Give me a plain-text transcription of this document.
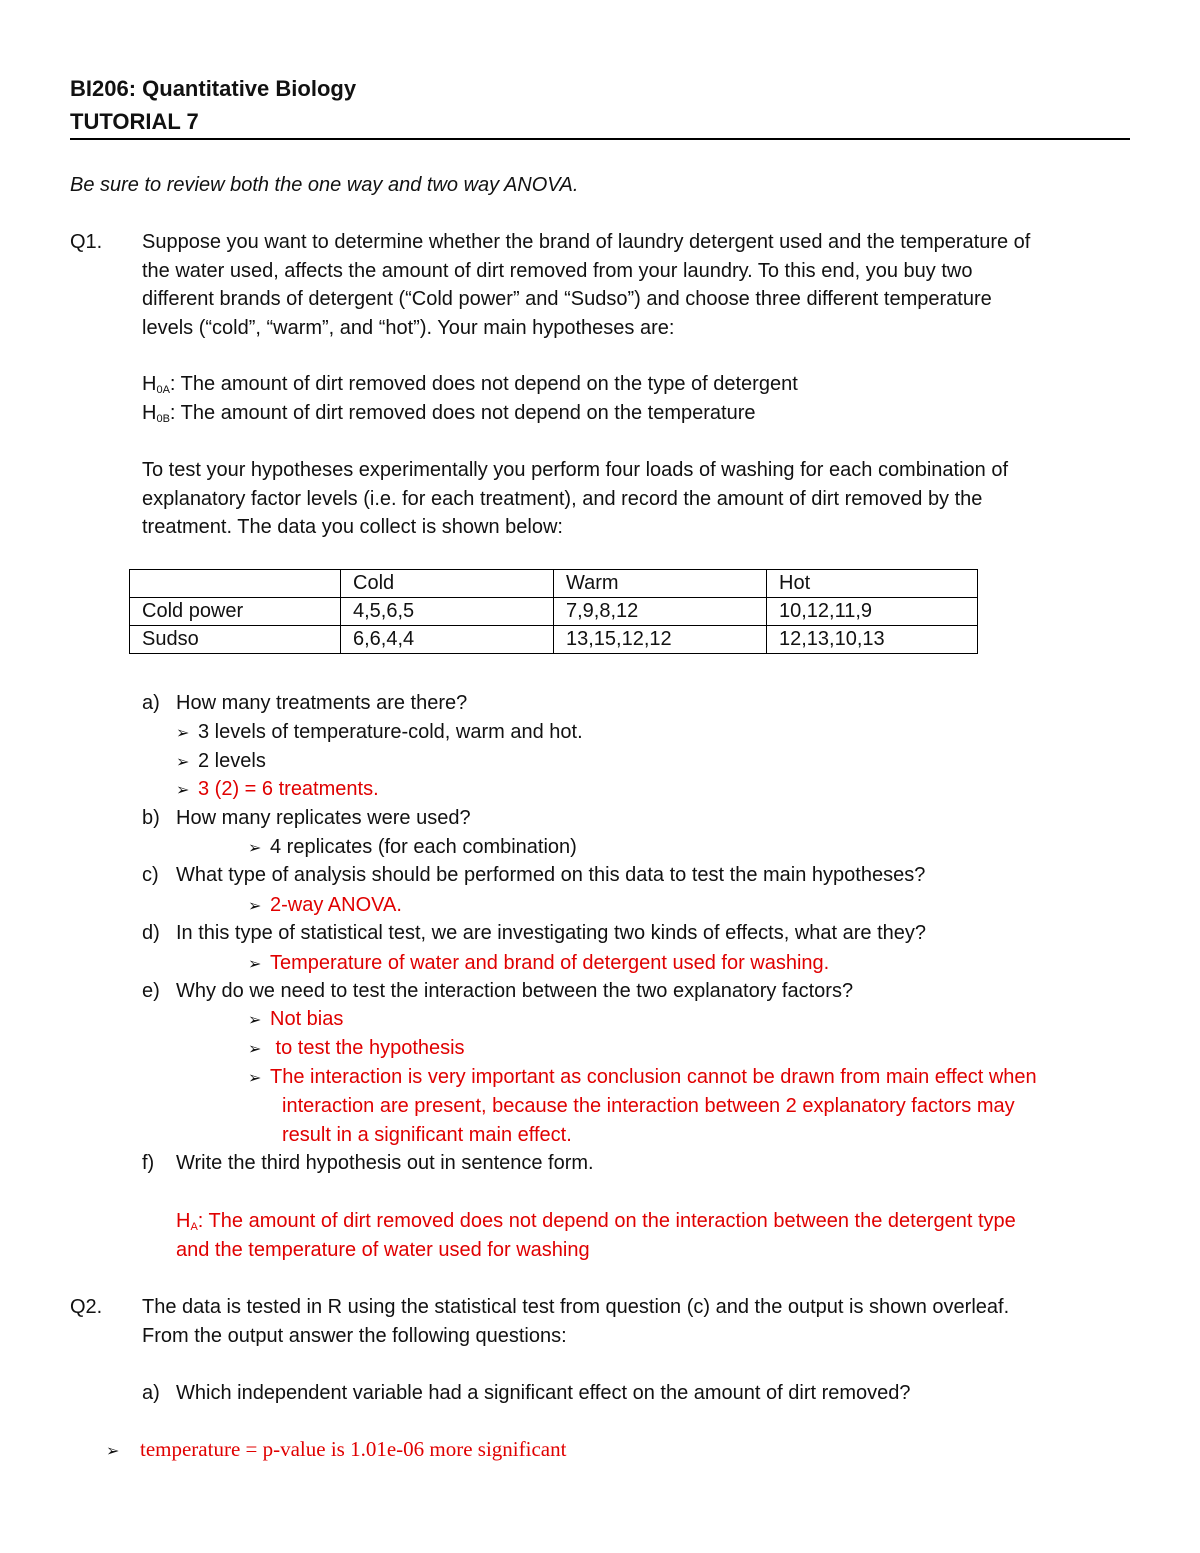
BI206: Quantitative Biology
TUTORIAL 7
Be sure to review both the one way and two way ANOVA.
Q1. Suppose you want to determine whether the brand of laundry detergent used and the temperature of
the water used, affects the amount of dirt removed from your laundry. To this end, you buy two
different brands of detergent (“Cold power” and “Sudso”) and choose three different temperature
levels (“cold”, “warm”, and “hot”). Your main hypotheses are:
$H_{0A}$: The amount of dirt removed does not depend on the type of detergent
$H_{0B}$: The amount of dirt removed does not depend on the temperature
To test your hypotheses experimentally you perform four loads of washing for each combination of
explanatory factor levels (i.e. for each treatment), and record the amount of dirt removed by the
treatment. The data you collect is shown below:
	Cold	Warm	Hot
Cold power	4,5,6,5	7,9,8,12	10,12,11,9
Sudso	6,6,4,4	13,15,12,12	12,13,10,13
a) How many treatments are there?
➢ 3 levels of temperature-cold, warm and hot.
➢ 2 levels
➢ 3 (2) = 6 treatments.
b) How many replicates were used?
➢ 4 replicates (for each combination)
c) What type of analysis should be performed on this data to test the main hypotheses?
➢ 2-way ANOVA.
d) In this type of statistical test, we are investigating two kinds of effects, what are they?
➢ Temperature of water and brand of detergent used for washing.
e) Why do we need to test the interaction between the two explanatory factors?
➢ Not bias
➢ to test the hypothesis
➢ The interaction is very important as conclusion cannot be drawn from main effect when
interaction are present, because the interaction between 2 explanatory factors may
result in a significant main effect.
f) Write the third hypothesis out in sentence form.
$H_A$: The amount of dirt removed does not depend on the interaction between the detergent type
and the temperature of water used for washing
Q2. The data is tested in R using the statistical test from question (c) and the output is shown overleaf.
From the output answer the following questions:
a) Which independent variable had a significant effect on the amount of dirt removed?
➢ temperature = p-value is 1.01e-06 more significant
